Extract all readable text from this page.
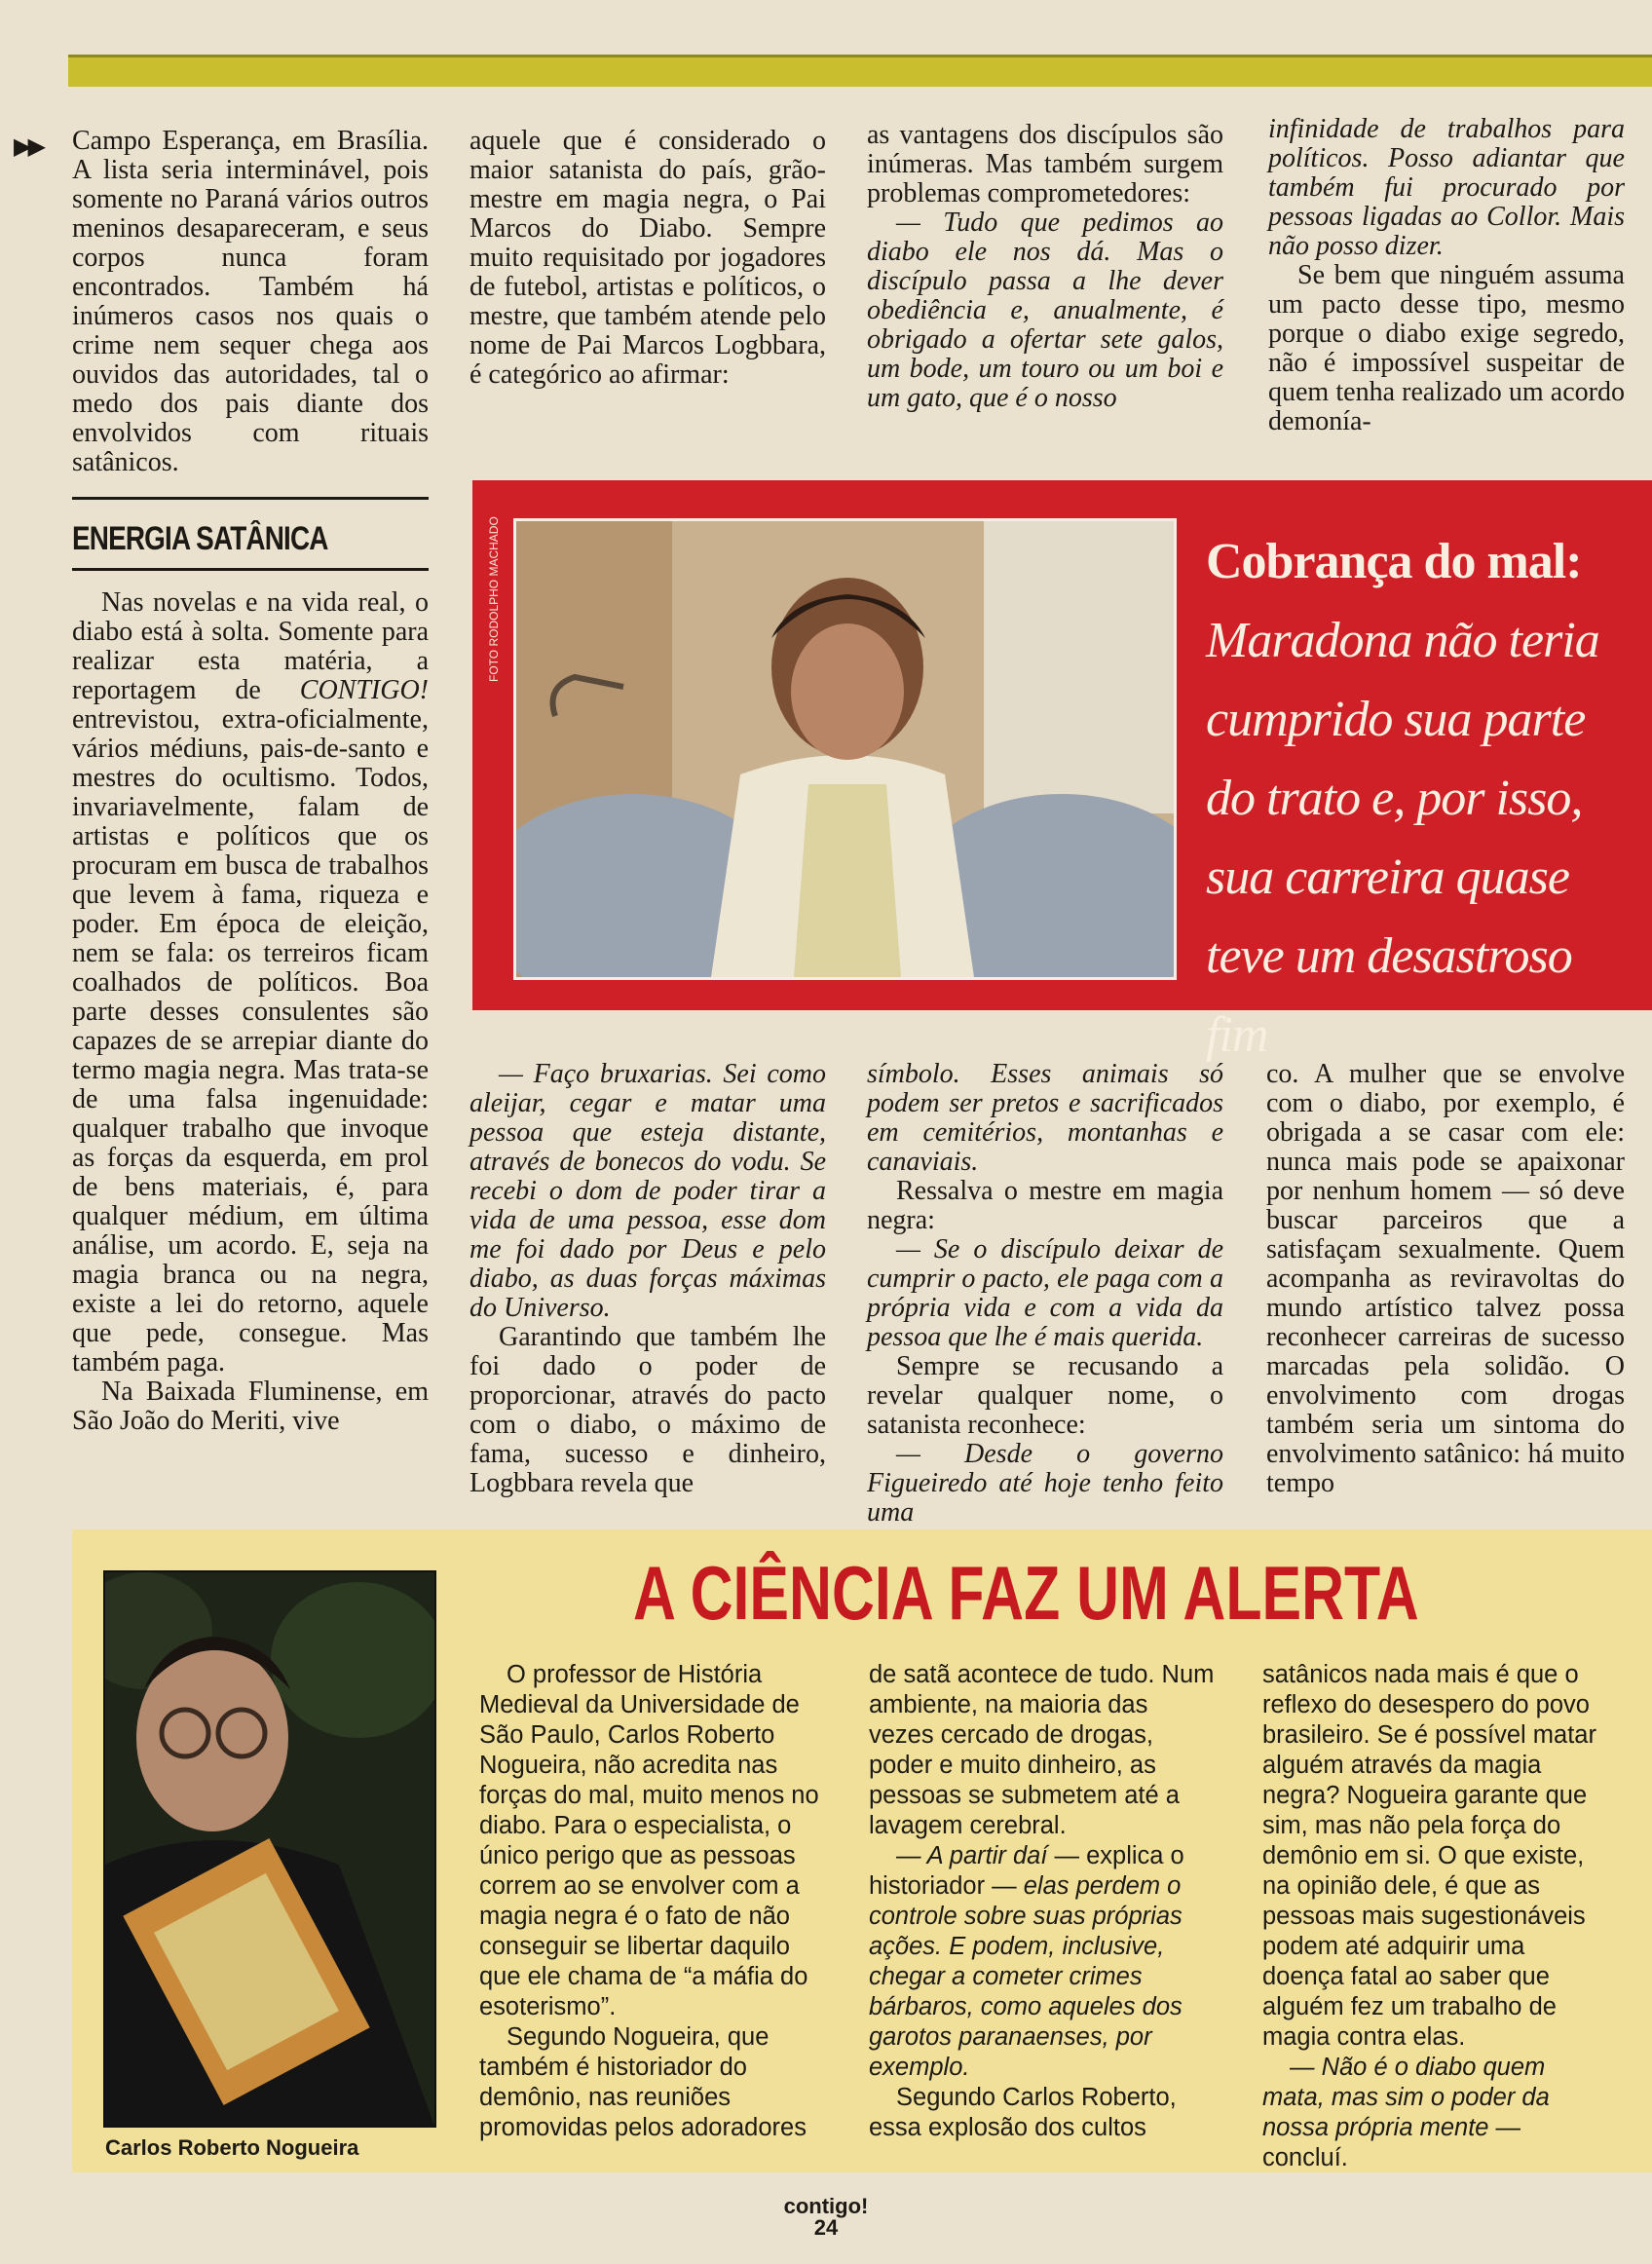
▶▶ Campo Esperança, em Brasília. A lista seria interminável, pois somente no Paraná vários outros meninos desapareceram, e seus corpos nunca foram encontrados. Também há inúmeros casos nos quais o crime nem sequer chega aos ouvidos das autoridades, tal o medo dos pais diante dos envolvidos com rituais satânicos.

ENERGIA SATÂNICA

Nas novelas e na vida real, o diabo está à solta. Somente para realizar esta matéria, a reportagem de CONTIGO! entrevistou, extra-oficialmente, vários médiuns, pais-de-santo e mestres do ocultismo. Todos, invariavelmente, falam de artistas e políticos que os procuram em busca de trabalhos que levem à fama, riqueza e poder. Em época de eleição, nem se fala: os terreiros ficam coalhados de políticos. Boa parte desses consulentes são capazes de se arrepiar diante do termo magia negra. Mas trata-se de uma falsa ingenuidade: qualquer trabalho que invoque as forças da esquerda, em prol de bens materiais, é, para qualquer médium, em última análise, um acordo. E, seja na magia branca ou na negra, existe a lei do retorno, aquele que pede, consegue. Mas também paga.

Na Baixada Fluminense, em São João do Meriti, vive

aquele que é considerado o maior satanista do país, grão-mestre em magia negra, o Pai Marcos do Diabo. Sempre muito requisitado por jogadores de futebol, artistas e políticos, o mestre, que também atende pelo nome de Pai Marcos Logbbara, é categórico ao afirmar:

as vantagens dos discípulos são inúmeras. Mas também surgem problemas comprometedores:

— Tudo que pedimos ao diabo ele nos dá. Mas o discípulo passa a lhe dever obediência e, anualmente, é obrigado a ofertar sete galos, um bode, um touro ou um boi e um gato, que é o nosso

infinidade de trabalhos para políticos. Posso adiantar que também fui procurado por pessoas ligadas ao Collor. Mais não posso dizer.

Se bem que ninguém assuma um pacto desse tipo, mesmo porque o diabo exige segredo, não é impossível suspeitar de quem tenha realizado um acordo demonía-

FOTO RODOLPHO MACHADO	Cobrança do mal:
Maradona não teria cumprido sua parte do trato e, por isso, sua carreira quase teve um desastroso fim

— Faço bruxarias. Sei como aleijar, cegar e matar uma pessoa que esteja distante, através de bonecos do vodu. Se recebi o dom de poder tirar a vida de uma pessoa, esse dom me foi dado por Deus e pelo diabo, as duas forças máximas do Universo.

Garantindo que também lhe foi dado o poder de proporcionar, através do pacto com o diabo, o máximo de fama, sucesso e dinheiro, Logbbara revela que

símbolo. Esses animais só podem ser pretos e sacrificados em cemitérios, montanhas e canaviais.

Ressalva o mestre em magia negra:

— Se o discípulo deixar de cumprir o pacto, ele paga com a própria vida e com a vida da pessoa que lhe é mais querida.

Sempre se recusando a revelar qualquer nome, o satanista reconhece:

— Desde o governo Figueiredo até hoje tenho feito uma

co. A mulher que se envolve com o diabo, por exemplo, é obrigada a se casar com ele: nunca mais pode se apaixonar por nenhum homem — só deve buscar parceiros que a satisfaçam sexualmente. Quem acompanha as reviravoltas do mundo artístico talvez possa reconhecer carreiras de sucesso marcadas pela solidão. O envolvimento com drogas também seria um sintoma do envolvimento satânico: há muito tempo

Carlos Roberto Nogueira
A CIÊNCIA FAZ UM ALERTA

O professor de História Medieval da Universidade de São Paulo, Carlos Roberto Nogueira, não acredita nas forças do mal, muito menos no diabo. Para o especialista, o único perigo que as pessoas correm ao se envolver com a magia negra é o fato de não conseguir se libertar daquilo que ele chama de “a máfia do esoterismo”.

Segundo Nogueira, que também é historiador do demônio, nas reuniões promovidas pelos adoradores

de satã acontece de tudo. Num ambiente, na maioria das vezes cercado de drogas, poder e muito dinheiro, as pessoas se submetem até a lavagem cerebral.

— A partir daí — explica o historiador — elas perdem o controle sobre suas próprias ações. E podem, inclusive, chegar a cometer crimes bárbaros, como aqueles dos garotos paranaenses, por exemplo.

Segundo Carlos Roberto, essa explosão dos cultos

satânicos nada mais é que o reflexo do desespero do povo brasileiro. Se é possível matar alguém através da magia negra? Nogueira garante que sim, mas não pela força do demônio em si. O que existe, na opinião dele, é que as pessoas mais sugestionáveis podem até adquirir uma doença fatal ao saber que alguém fez um trabalho de magia contra elas.

— Não é o diabo quem mata, mas sim o poder da nossa própria mente — concluí.

contigo!
24
